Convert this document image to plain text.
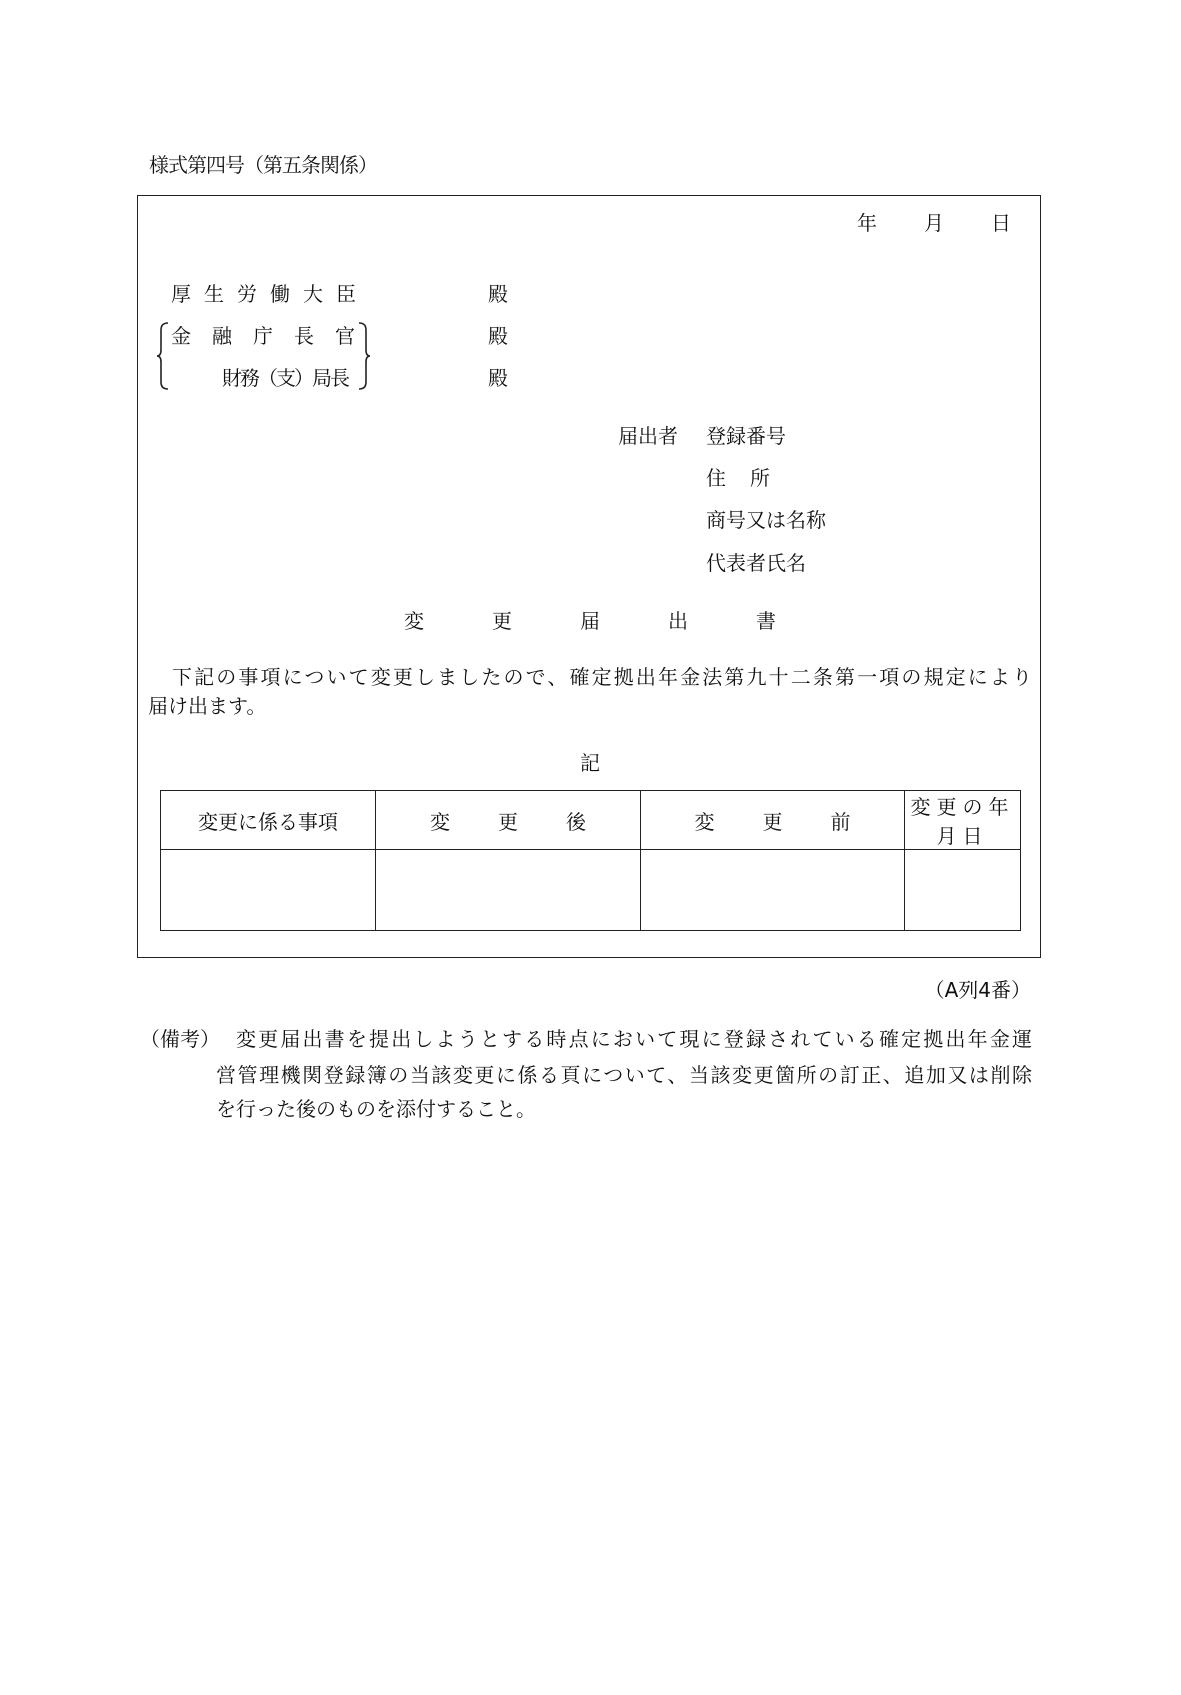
様式第四号（第五条関係）
年 月 日
厚生労働大臣
金融庁長官
財務（支）局長
殿
殿
殿
届出者 登録番号
住　所
商号又は名称
代表者氏名
変更届出書
下記の事項について変更しましたので、確定拠出年金法第九十二条第一項の規定により
届け出ます。
記
変更に係る事項	変更後	変更前	変更の年月日

（A列4番）
（備考） 変更届出書を提出しようとする時点において現に登録されている確定拠出年金運
営管理機関登録簿の当該変更に係る頁について、当該変更箇所の訂正、追加又は削除
を行った後のものを添付すること。
